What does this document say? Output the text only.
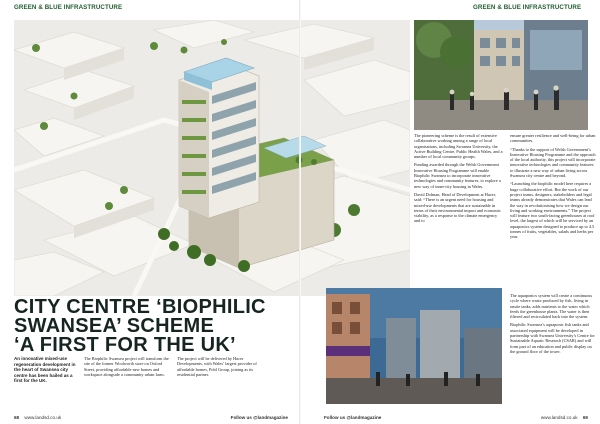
GREEN & BLUE INFRASTRUCTURE
CITY CENTRE ‘BIOPHILIC
SWANSEA’ SCHEME
‘A FIRST FOR THE UK’

An innovative mixed-use regeneration development in the heart of Swansea city centre has been hailed as a first for the UK.

The Biophilic Swansea project will transform the site of the former Woolworth store on Oxford Street, providing affordable new homes and workspace alongside a community urban farm.

The project will be delivered by Hacer Developments, with Wales’ largest provider of affordable homes, Pobl Group, joining as its residential partner.

68 www.landsd.co.uk	Follow us @landmagazine
GREEN & BLUE INFRASTRUCTURE

The pioneering scheme is the result of extensive collaborative working among a range of local organisations, including Swansea University, the Active Building Centre, Public Health Wales, and a number of local community groups.

Funding awarded through the Welsh Government Innovative Housing Programme will enable Biophilic Swansea to incorporate innovative technologies and community features, to explore a new way of inner-city housing in Wales.

David Dolman, Head of Development at Hacer, said: “There is an urgent need for housing and mixed-use developments that are sustainable in terms of their environmental impact and economic viability, as a response to the climate emergency and to

ensure greater resilience and well-being for urban communities.

“Thanks to the support of Welsh Government’s Innovative Housing Programme and the approach of the local authority, this project will incorporate innovative technologies and community features to illustrate a new way of urban living across Swansea city centre and beyond.

“Launching the biophilic model here requires a huge collaborative effort. But the work of our project teams, designers, stakeholders and legal teams already demonstrates that Wales can lead the way in revolutionising how we design our living and working environments.” The project will feature two south-facing greenhouses at roof level, the largest of which will be serviced by an aquaponics system designed to produce up to 4.5 tonnes of fruits, vegetables, salads and herbs per year.

The aquaponics system will create a continuous cycle where waste produced by fish, living in onsite tanks, adds nutrients to the water which feeds the greenhouse plants. The water is then filtered and recirculated back into the system.

Biophilic Swansea’s aquaponic fish tanks and associated equipment will be developed in partnership with Swansea University’s Centre for Sustainable Aquatic Research (CSAR) and will form part of an education and public display on the ground floor of the tower.

Follow us @landmagazine	www.landsd.co.uk 69
